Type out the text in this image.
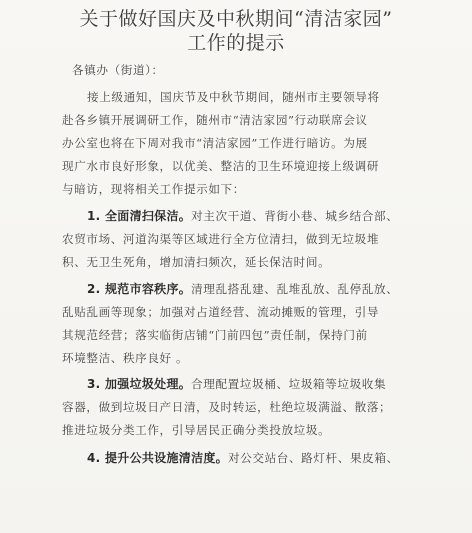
关于做好国庆及中秋期间“清洁家园”
工作的提示
各镇办（街道）：
接上级通知，国庆节及中秋节期间，随州市主要领导将
赴各乡镇开展调研工作，随州市“清洁家园”行动联席会议
办公室也将在下周对我市“清洁家园”工作进行暗访。为展
现广水市良好形象，以优美、整洁的卫生环境迎接上级调研
与暗访，现将相关工作提示如下：
1. 全面清扫保洁。对主次干道、背街小巷、城乡结合部、
农贸市场、河道沟渠等区域进行全方位清扫，做到无垃圾堆
积、无卫生死角，增加清扫频次，延长保洁时间。
2. 规范市容秩序。清理乱搭乱建、乱堆乱放、乱停乱放、
乱贴乱画等现象；加强对占道经营、流动摊贩的管理，引导
其规范经营；落实临街店铺“门前四包”责任制，保持门前
环境整洁、秩序良好 。
3. 加强垃圾处理。合理配置垃圾桶、垃圾箱等垃圾收集
容器，做到垃圾日产日清，及时转运，杜绝垃圾满溢、散落；
推进垃圾分类工作，引导居民正确分类投放垃圾。
4. 提升公共设施清洁度。对公交站台、路灯杆、果皮箱、
